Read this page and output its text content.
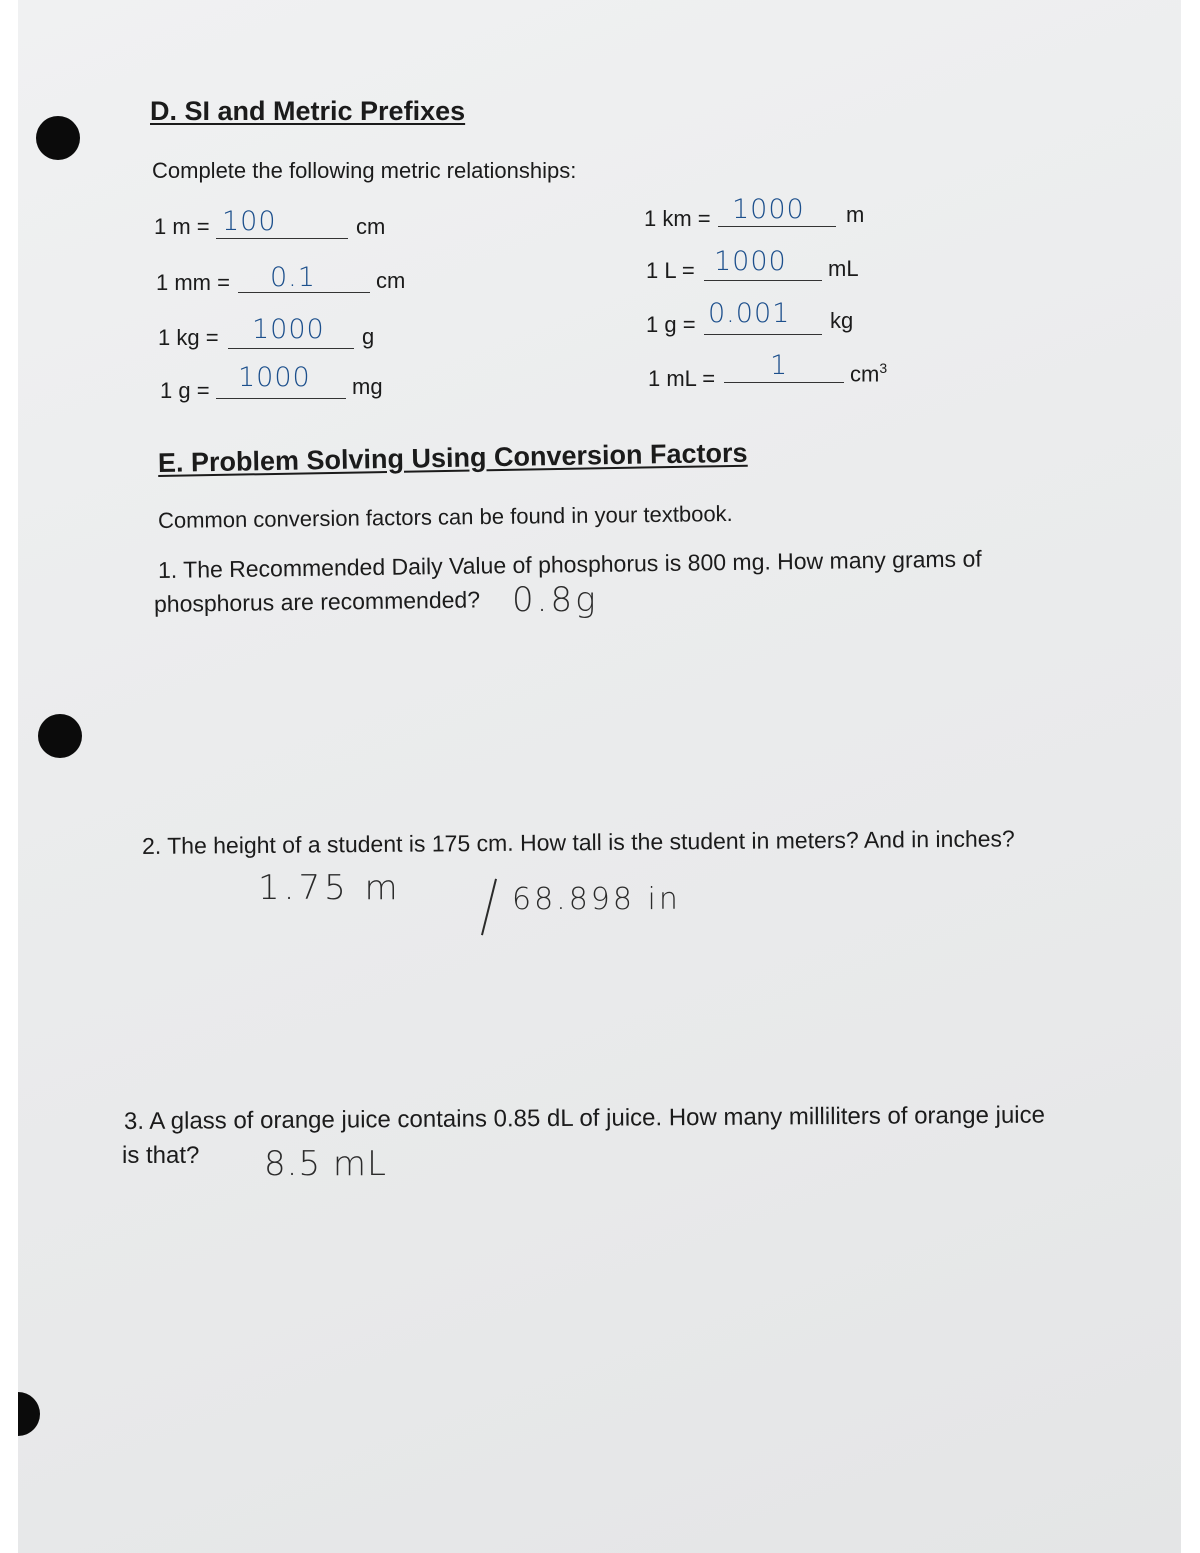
D. SI and Metric Prefixes
Complete the following metric relationships:
1 m = 100	cm
1 mm = 0.1	cm
1 kg = 1000 g
1 g = 1000 mg
1 km = 1000 m
1 L = 1000 mL
1 g = 0.001 kg
1 mL = 1	$cm^3$
E. Problem Solving Using Conversion Factors
Common conversion factors can be found in your textbook.
1. The Recommended Daily Value of phosphorus is 800 mg. How many grams of
phosphorus are recommended? 0.8g
2. The height of a student is 175 cm. How tall is the student in meters? And in inches?
1.75 m	68.898 in
3. A glass of orange juice contains 0.85 dL of juice. How many milliliters of orange juice
is that? 8.5 mL
